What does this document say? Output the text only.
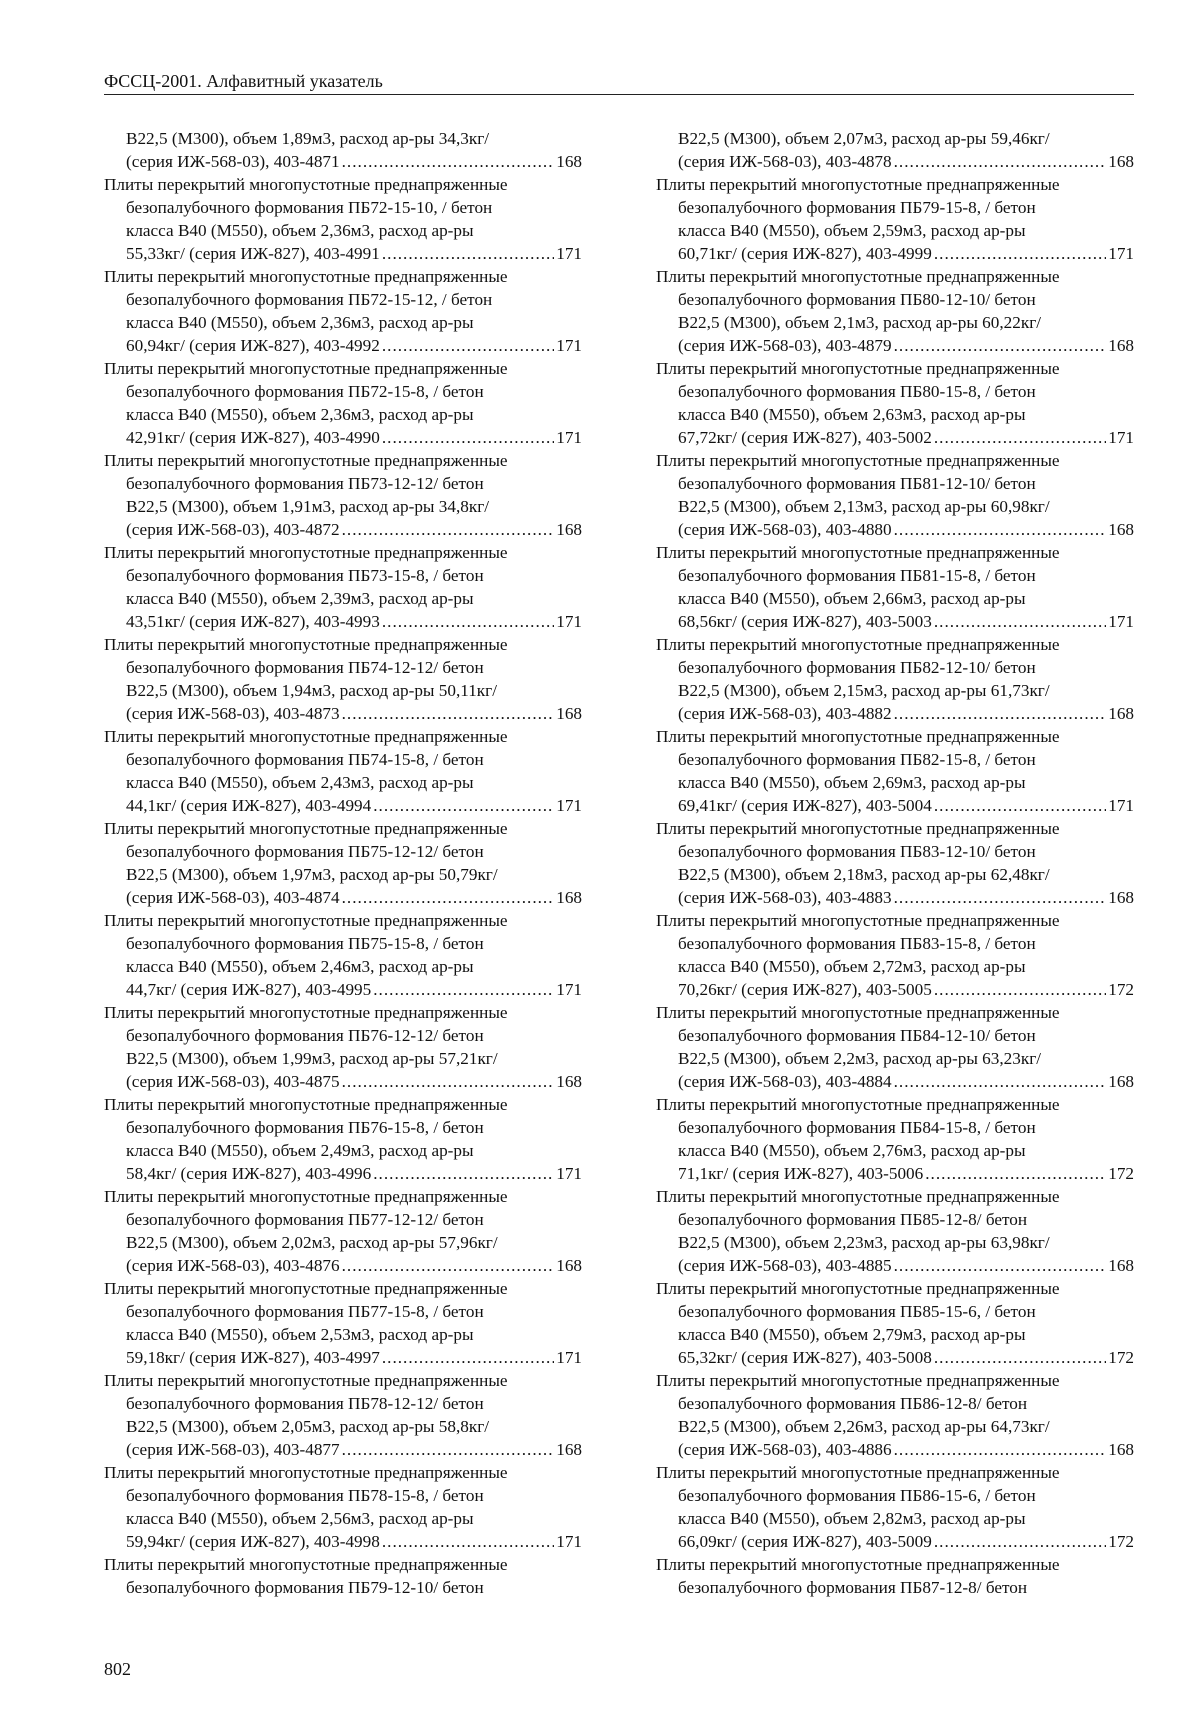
ФССЦ-2001. Алфавитный указатель

В22,5 (М300), объем 1,89м3, расход ар-ры 34,3кг/
(серия ИЖ-568-03), 403-4871 .....	168
Плиты перекрытий многопустотные преднапряженные
безопалубочного формования ПБ72-15-10, / бетон
класса В40 (М550), объем 2,36м3, расход ар-ры
55,33кг/ (серия ИЖ-827), 403-4991 .....	171
Плиты перекрытий многопустотные преднапряженные
безопалубочного формования ПБ72-15-12, / бетон
класса В40 (М550), объем 2,36м3, расход ар-ры
60,94кг/ (серия ИЖ-827), 403-4992 .....	171
Плиты перекрытий многопустотные преднапряженные
безопалубочного формования ПБ72-15-8, / бетон
класса В40 (М550), объем 2,36м3, расход ар-ры
42,91кг/ (серия ИЖ-827), 403-4990 .....	171
Плиты перекрытий многопустотные преднапряженные
безопалубочного формования ПБ73-12-12/ бетон
В22,5 (М300), объем 1,91м3, расход ар-ры 34,8кг/
(серия ИЖ-568-03), 403-4872 .....	168
Плиты перекрытий многопустотные преднапряженные
безопалубочного формования ПБ73-15-8, / бетон
класса В40 (М550), объем 2,39м3, расход ар-ры
43,51кг/ (серия ИЖ-827), 403-4993 .....	171
Плиты перекрытий многопустотные преднапряженные
безопалубочного формования ПБ74-12-12/ бетон
В22,5 (М300), объем 1,94м3, расход ар-ры 50,11кг/
(серия ИЖ-568-03), 403-4873 .....	168
Плиты перекрытий многопустотные преднапряженные
безопалубочного формования ПБ74-15-8, / бетон
класса В40 (М550), объем 2,43м3, расход ар-ры
44,1кг/ (серия ИЖ-827), 403-4994 .....	171
Плиты перекрытий многопустотные преднапряженные
безопалубочного формования ПБ75-12-12/ бетон
В22,5 (М300), объем 1,97м3, расход ар-ры 50,79кг/
(серия ИЖ-568-03), 403-4874 .....	168
Плиты перекрытий многопустотные преднапряженные
безопалубочного формования ПБ75-15-8, / бетон
класса В40 (М550), объем 2,46м3, расход ар-ры
44,7кг/ (серия ИЖ-827), 403-4995 .....	171
Плиты перекрытий многопустотные преднапряженные
безопалубочного формования ПБ76-12-12/ бетон
В22,5 (М300), объем 1,99м3, расход ар-ры 57,21кг/
(серия ИЖ-568-03), 403-4875 .....	168
Плиты перекрытий многопустотные преднапряженные
безопалубочного формования ПБ76-15-8, / бетон
класса В40 (М550), объем 2,49м3, расход ар-ры
58,4кг/ (серия ИЖ-827), 403-4996 .....	171
Плиты перекрытий многопустотные преднапряженные
безопалубочного формования ПБ77-12-12/ бетон
В22,5 (М300), объем 2,02м3, расход ар-ры 57,96кг/
(серия ИЖ-568-03), 403-4876 .....	168
Плиты перекрытий многопустотные преднапряженные
безопалубочного формования ПБ77-15-8, / бетон
класса В40 (М550), объем 2,53м3, расход ар-ры
59,18кг/ (серия ИЖ-827), 403-4997 .....	171
Плиты перекрытий многопустотные преднапряженные
безопалубочного формования ПБ78-12-12/ бетон
В22,5 (М300), объем 2,05м3, расход ар-ры 58,8кг/
(серия ИЖ-568-03), 403-4877 .....	168
Плиты перекрытий многопустотные преднапряженные
безопалубочного формования ПБ78-15-8, / бетон
класса В40 (М550), объем 2,56м3, расход ар-ры
59,94кг/ (серия ИЖ-827), 403-4998 .....	171
Плиты перекрытий многопустотные преднапряженные
безопалубочного формования ПБ79-12-10/ бетон

В22,5 (М300), объем 2,07м3, расход ар-ры 59,46кг/
(серия ИЖ-568-03), 403-4878 .....	168
Плиты перекрытий многопустотные преднапряженные
безопалубочного формования ПБ79-15-8, / бетон
класса В40 (М550), объем 2,59м3, расход ар-ры
60,71кг/ (серия ИЖ-827), 403-4999 .....	171
Плиты перекрытий многопустотные преднапряженные
безопалубочного формования ПБ80-12-10/ бетон
В22,5 (М300), объем 2,1м3, расход ар-ры 60,22кг/
(серия ИЖ-568-03), 403-4879 .....	168
Плиты перекрытий многопустотные преднапряженные
безопалубочного формования ПБ80-15-8, / бетон
класса В40 (М550), объем 2,63м3, расход ар-ры
67,72кг/ (серия ИЖ-827), 403-5002 .....	171
Плиты перекрытий многопустотные преднапряженные
безопалубочного формования ПБ81-12-10/ бетон
В22,5 (М300), объем 2,13м3, расход ар-ры 60,98кг/
(серия ИЖ-568-03), 403-4880 .....	168
Плиты перекрытий многопустотные преднапряженные
безопалубочного формования ПБ81-15-8, / бетон
класса В40 (М550), объем 2,66м3, расход ар-ры
68,56кг/ (серия ИЖ-827), 403-5003 .....	171
Плиты перекрытий многопустотные преднапряженные
безопалубочного формования ПБ82-12-10/ бетон
В22,5 (М300), объем 2,15м3, расход ар-ры 61,73кг/
(серия ИЖ-568-03), 403-4882 .....	168
Плиты перекрытий многопустотные преднапряженные
безопалубочного формования ПБ82-15-8, / бетон
класса В40 (М550), объем 2,69м3, расход ар-ры
69,41кг/ (серия ИЖ-827), 403-5004 .....	171
Плиты перекрытий многопустотные преднапряженные
безопалубочного формования ПБ83-12-10/ бетон
В22,5 (М300), объем 2,18м3, расход ар-ры 62,48кг/
(серия ИЖ-568-03), 403-4883 .....	168
Плиты перекрытий многопустотные преднапряженные
безопалубочного формования ПБ83-15-8, / бетон
класса В40 (М550), объем 2,72м3, расход ар-ры
70,26кг/ (серия ИЖ-827), 403-5005 .....	172
Плиты перекрытий многопустотные преднапряженные
безопалубочного формования ПБ84-12-10/ бетон
В22,5 (М300), объем 2,2м3, расход ар-ры 63,23кг/
(серия ИЖ-568-03), 403-4884 .....	168
Плиты перекрытий многопустотные преднапряженные
безопалубочного формования ПБ84-15-8, / бетон
класса В40 (М550), объем 2,76м3, расход ар-ры
71,1кг/ (серия ИЖ-827), 403-5006 .....	172
Плиты перекрытий многопустотные преднапряженные
безопалубочного формования ПБ85-12-8/ бетон
В22,5 (М300), объем 2,23м3, расход ар-ры 63,98кг/
(серия ИЖ-568-03), 403-4885 .....	168
Плиты перекрытий многопустотные преднапряженные
безопалубочного формования ПБ85-15-6, / бетон
класса В40 (М550), объем 2,79м3, расход ар-ры
65,32кг/ (серия ИЖ-827), 403-5008 .....	172
Плиты перекрытий многопустотные преднапряженные
безопалубочного формования ПБ86-12-8/ бетон
В22,5 (М300), объем 2,26м3, расход ар-ры 64,73кг/
(серия ИЖ-568-03), 403-4886 .....	168
Плиты перекрытий многопустотные преднапряженные
безопалубочного формования ПБ86-15-6, / бетон
класса В40 (М550), объем 2,82м3, расход ар-ры
66,09кг/ (серия ИЖ-827), 403-5009 .....	172
Плиты перекрытий многопустотные преднапряженные
безопалубочного формования ПБ87-12-8/ бетон
802
